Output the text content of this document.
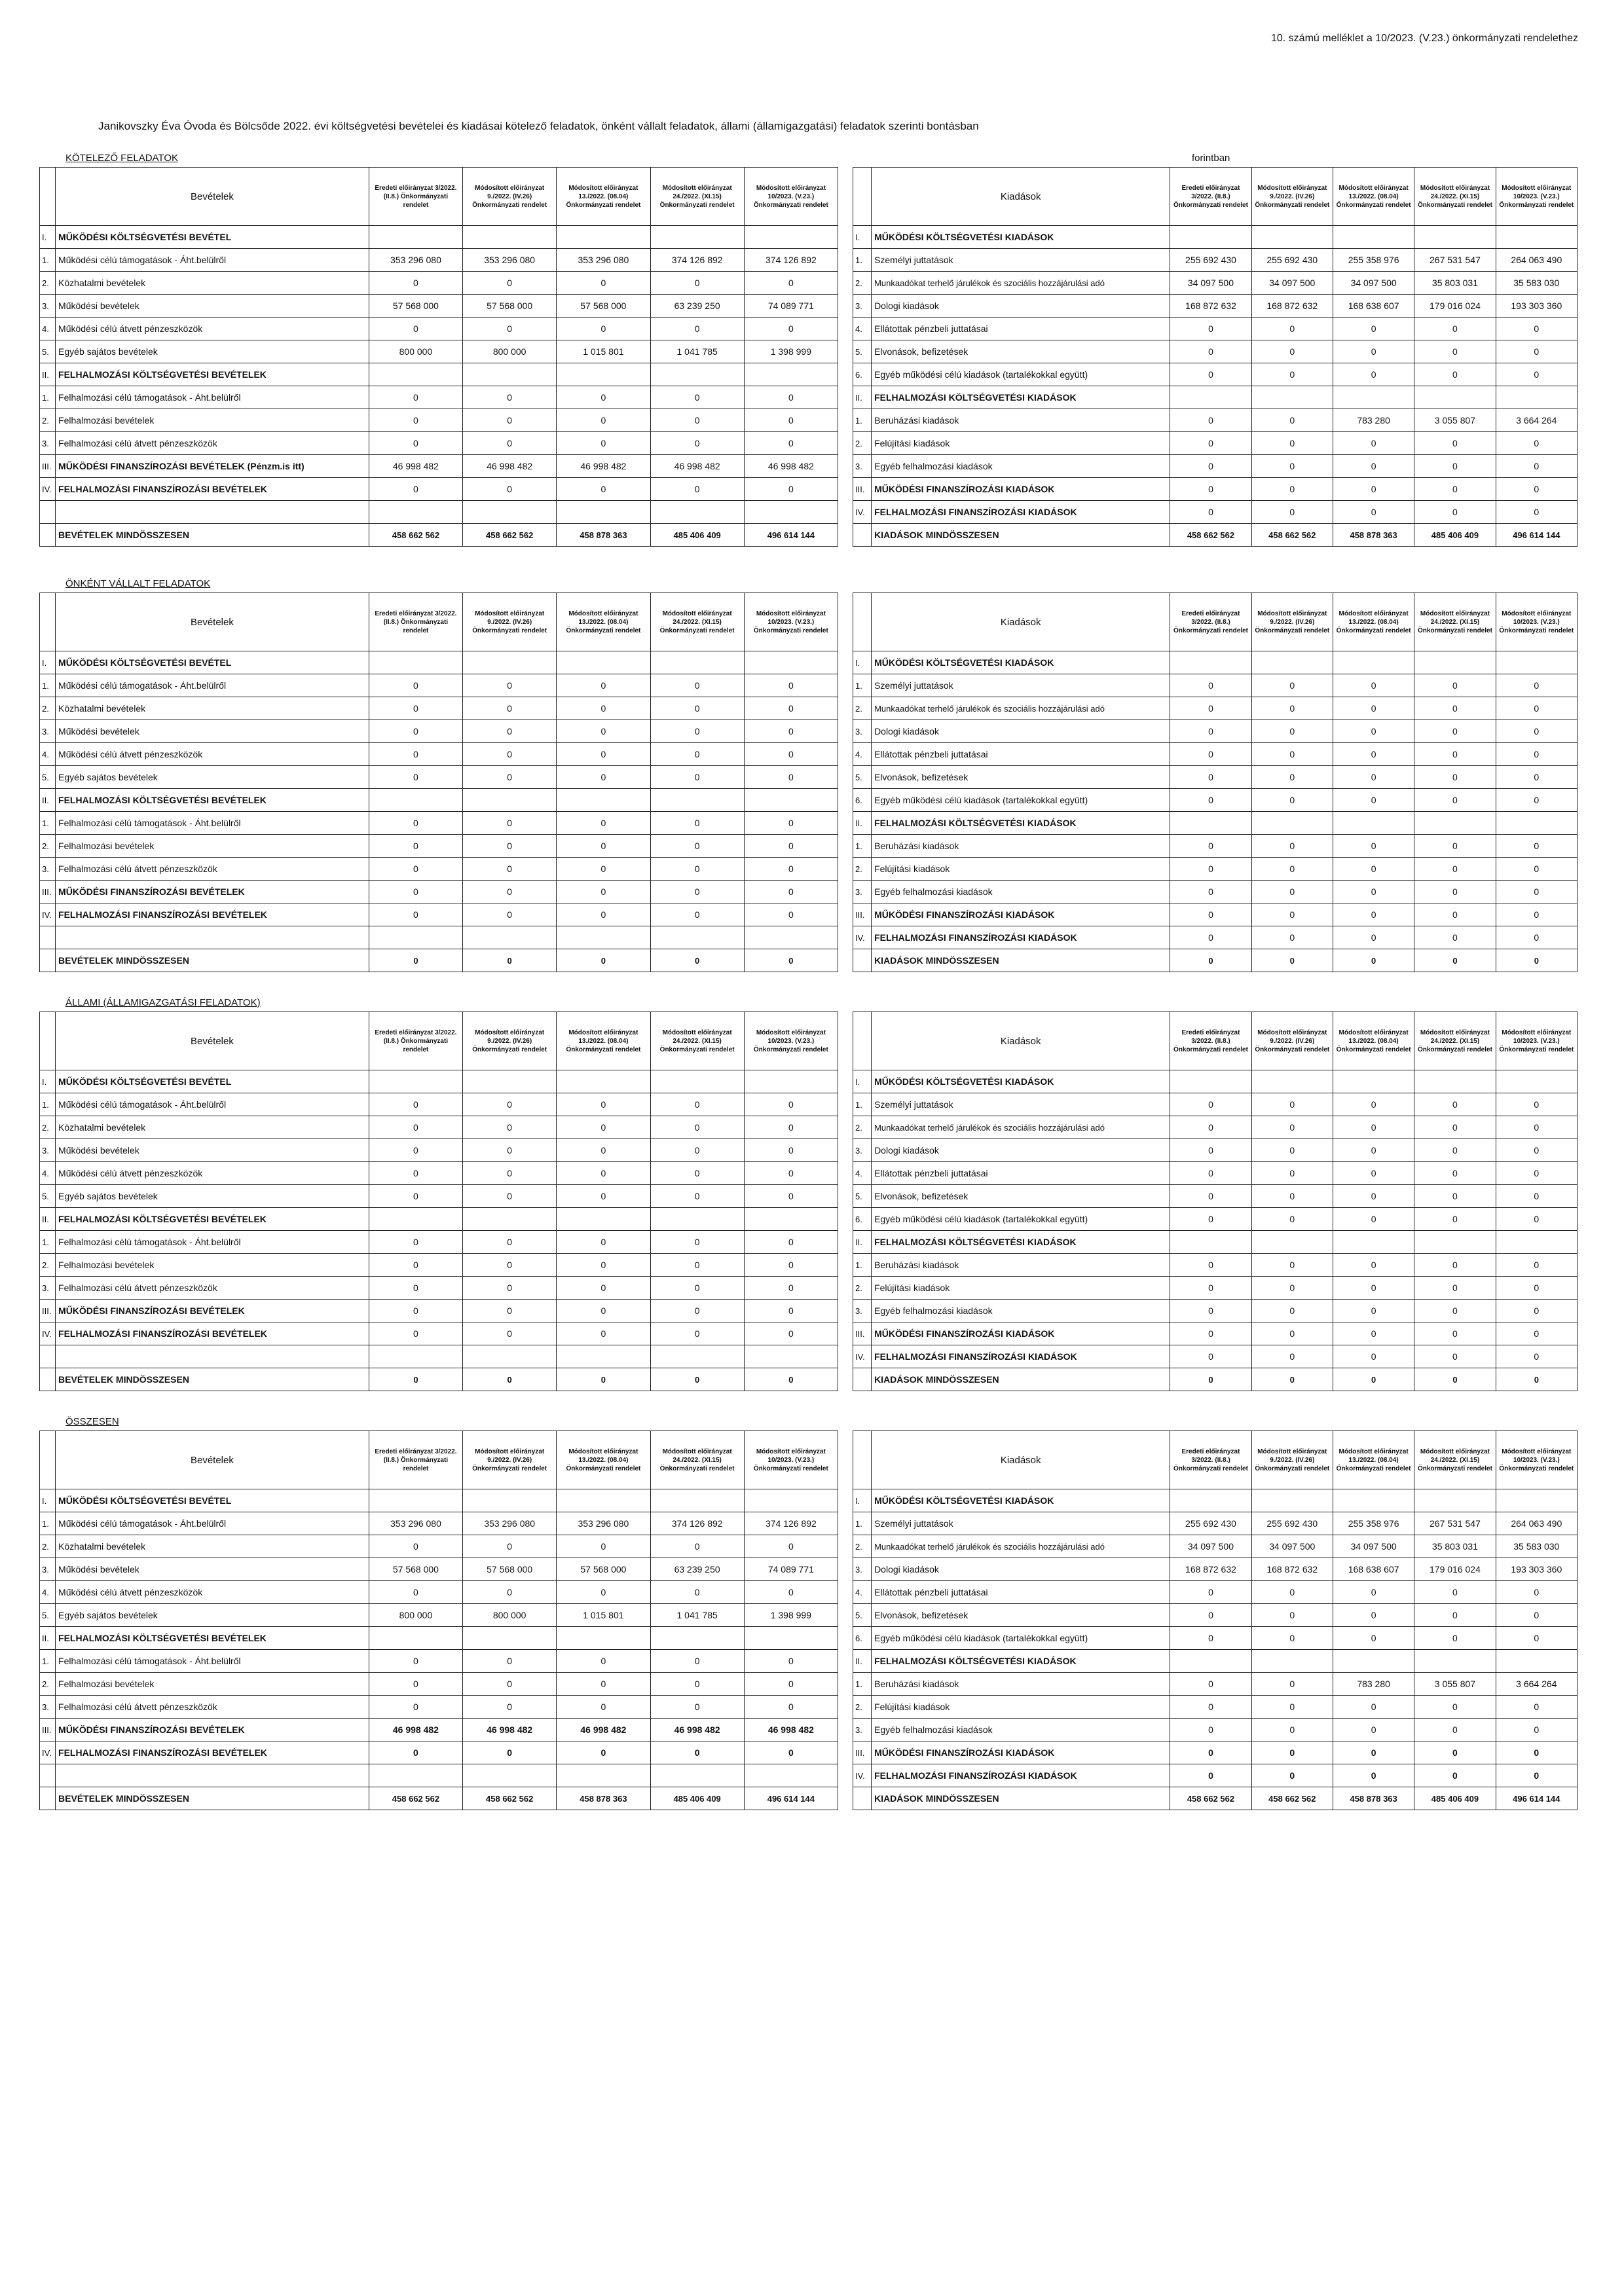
10. számú melléklet a 10/2023. (V.23.) önkormányzati rendelethez
Janikovszky Éva Óvoda és Bölcsőde 2022. évi költségvetési bevételei és kiadásai kötelező feladatok, önként vállalt feladatok, állami (államigazgatási) feladatok szerinti bontásban
KÖTELEZŐ FELADATOK	forintban
	Bevételek	Eredeti előirányzat 3/2022. (II.8.) Önkormányzati rendelet	Módosított előirányzat 9./2022. (IV.26) Önkormányzati rendelet	Módosított előirányzat 13./2022. (08.04) Önkormányzati rendelet	Módosított előirányzat 24./2022. (XI.15) Önkormányzati rendelet	Módosított előirányzat 10/2023. (V.23.) Önkormányzati rendelet
I.	MŰKÖDÉSI KÖLTSÉGVETÉSI BEVÉTEL					
1.	Működési célú támogatások - Áht.belülről	353 296 080	353 296 080	353 296 080	374 126 892	374 126 892
2.	Közhatalmi bevételek	0	0	0	0	0
3.	Működési bevételek	57 568 000	57 568 000	57 568 000	63 239 250	74 089 771
4.	Működési célú átvett pénzeszközök	0	0	0	0	0
5.	Egyéb sajátos bevételek	800 000	800 000	1 015 801	1 041 785	1 398 999
II.	FELHALMOZÁSI KÖLTSÉGVETÉSI BEVÉTELEK					
1.	Felhalmozási célú támogatások - Áht.belülről	0	0	0	0	0
2.	Felhalmozási bevételek	0	0	0	0	0
3.	Felhalmozási célú átvett pénzeszközök	0	0	0	0	0
III.	MŰKÖDÉSI FINANSZÍROZÁSI BEVÉTELEK (Pénzm.is itt)	46 998 482	46 998 482	46 998 482	46 998 482	46 998 482
IV.	FELHALMOZÁSI FINANSZÍROZÁSI BEVÉTELEK	0	0	0	0	0

	BEVÉTELEK MINDÖSSZESEN	458 662 562	458 662 562	458 878 363	485 406 409	496 614 144
	Kiadások	Eredeti előirányzat 3/2022. (II.8.) Önkormányzati rendelet	Módosított előirányzat 9./2022. (IV.26) Önkormányzati rendelet	Módosított előirányzat 13./2022. (08.04) Önkormányzati rendelet	Módosított előirányzat 24./2022. (XI.15) Önkormányzati rendelet	Módosított előirányzat 10/2023. (V.23.) Önkormányzati rendelet
I.	MŰKÖDÉSI KÖLTSÉGVETÉSI KIADÁSOK					
1.	Személyi juttatások	255 692 430	255 692 430	255 358 976	267 531 547	264 063 490
2.	Munkaadókat terhelő járulékok és szociális hozzájárulási adó	34 097 500	34 097 500	34 097 500	35 803 031	35 583 030
3.	Dologi kiadások	168 872 632	168 872 632	168 638 607	179 016 024	193 303 360
4.	Ellátottak pénzbeli juttatásai	0	0	0	0	0
5.	Elvonások, befizetések	0	0	0	0	0
6.	Egyéb működési célú kiadások (tartalékokkal együtt)	0	0	0	0	0
II.	FELHALMOZÁSI KÖLTSÉGVETÉSI KIADÁSOK					
1.	Beruházási kiadások	0	0	783 280	3 055 807	3 664 264
2.	Felújítási kiadások	0	0	0	0	0
3.	Egyéb felhalmozási kiadások	0	0	0	0	0
III.	MŰKÖDÉSI FINANSZÍROZÁSI KIADÁSOK	0	0	0	0	0
IV.	FELHALMOZÁSI FINANSZÍROZÁSI KIADÁSOK	0	0	0	0	0
	KIADÁSOK MINDÖSSZESEN	458 662 562	458 662 562	458 878 363	485 406 409	496 614 144
ÖNKÉNT VÁLLALT FELADATOK
	Bevételek	Eredeti előirányzat 3/2022. (II.8.) Önkormányzati rendelet	Módosított előirányzat 9./2022. (IV.26) Önkormányzati rendelet	Módosított előirányzat 13./2022. (08.04) Önkormányzati rendelet	Módosított előirányzat 24./2022. (XI.15) Önkormányzati rendelet	Módosított előirányzat 10/2023. (V.23.) Önkormányzati rendelet
I.	MŰKÖDÉSI KÖLTSÉGVETÉSI BEVÉTEL					
1.	Működési célú támogatások - Áht.belülről	0	0	0	0	0
2.	Közhatalmi bevételek	0	0	0	0	0
3.	Működési bevételek	0	0	0	0	0
4.	Működési célú átvett pénzeszközök	0	0	0	0	0
5.	Egyéb sajátos bevételek	0	0	0	0	0
II.	FELHALMOZÁSI KÖLTSÉGVETÉSI BEVÉTELEK					
1.	Felhalmozási célú támogatások - Áht.belülről	0	0	0	0	0
2.	Felhalmozási bevételek	0	0	0	0	0
3.	Felhalmozási célú átvett pénzeszközök	0	0	0	0	0
III.	MŰKÖDÉSI FINANSZÍROZÁSI BEVÉTELEK	0	0	0	0	0
IV.	FELHALMOZÁSI FINANSZÍROZÁSI BEVÉTELEK	0	0	0	0	0

	BEVÉTELEK MINDÖSSZESEN	0	0	0	0	0
	Kiadások	Eredeti előirányzat 3/2022. (II.8.) Önkormányzati rendelet	Módosított előirányzat 9./2022. (IV.26) Önkormányzati rendelet	Módosított előirányzat 13./2022. (08.04) Önkormányzati rendelet	Módosított előirányzat 24./2022. (XI.15) Önkormányzati rendelet	Módosított előirányzat 10/2023. (V.23.) Önkormányzati rendelet
I.	MŰKÖDÉSI KÖLTSÉGVETÉSI KIADÁSOK					
1.	Személyi juttatások	0	0	0	0	0
2.	Munkaadókat terhelő járulékok és szociális hozzájárulási adó	0	0	0	0	0
3.	Dologi kiadások	0	0	0	0	0
4.	Ellátottak pénzbeli juttatásai	0	0	0	0	0
5.	Elvonások, befizetések	0	0	0	0	0
6.	Egyéb működési célú kiadások (tartalékokkal együtt)	0	0	0	0	0
II.	FELHALMOZÁSI KÖLTSÉGVETÉSI KIADÁSOK					
1.	Beruházási kiadások	0	0	0	0	0
2.	Felújítási kiadások	0	0	0	0	0
3.	Egyéb felhalmozási kiadások	0	0	0	0	0
III.	MŰKÖDÉSI FINANSZÍROZÁSI KIADÁSOK	0	0	0	0	0
IV.	FELHALMOZÁSI FINANSZÍROZÁSI KIADÁSOK	0	0	0	0	0
	KIADÁSOK MINDÖSSZESEN	0	0	0	0	0
ÁLLAMI (ÁLLAMIGAZGATÁSI FELADATOK)
	Bevételek	Eredeti előirányzat 3/2022. (II.8.) Önkormányzati rendelet	Módosított előirányzat 9./2022. (IV.26) Önkormányzati rendelet	Módosított előirányzat 13./2022. (08.04) Önkormányzati rendelet	Módosított előirányzat 24./2022. (XI.15) Önkormányzati rendelet	Módosított előirányzat 10/2023. (V.23.) Önkormányzati rendelet
I.	MŰKÖDÉSI KÖLTSÉGVETÉSI BEVÉTEL					
1.	Működési célú támogatások - Áht.belülről	0	0	0	0	0
2.	Közhatalmi bevételek	0	0	0	0	0
3.	Működési bevételek	0	0	0	0	0
4.	Működési célú átvett pénzeszközök	0	0	0	0	0
5.	Egyéb sajátos bevételek	0	0	0	0	0
II.	FELHALMOZÁSI KÖLTSÉGVETÉSI BEVÉTELEK					
1.	Felhalmozási célú támogatások - Áht.belülről	0	0	0	0	0
2.	Felhalmozási bevételek	0	0	0	0	0
3.	Felhalmozási célú átvett pénzeszközök	0	0	0	0	0
III.	MŰKÖDÉSI FINANSZÍROZÁSI BEVÉTELEK	0	0	0	0	0
IV.	FELHALMOZÁSI FINANSZÍROZÁSI BEVÉTELEK	0	0	0	0	0

	BEVÉTELEK MINDÖSSZESEN	0	0	0	0	0
	Kiadások	Eredeti előirányzat 3/2022. (II.8.) Önkormányzati rendelet	Módosított előirányzat 9./2022. (IV.26) Önkormányzati rendelet	Módosított előirányzat 13./2022. (08.04) Önkormányzati rendelet	Módosított előirányzat 24./2022. (XI.15) Önkormányzati rendelet	Módosított előirányzat 10/2023. (V.23.) Önkormányzati rendelet
I.	MŰKÖDÉSI KÖLTSÉGVETÉSI KIADÁSOK					
1.	Személyi juttatások	0	0	0	0	0
2.	Munkaadókat terhelő járulékok és szociális hozzájárulási adó	0	0	0	0	0
3.	Dologi kiadások	0	0	0	0	0
4.	Ellátottak pénzbeli juttatásai	0	0	0	0	0
5.	Elvonások, befizetések	0	0	0	0	0
6.	Egyéb működési célú kiadások (tartalékokkal együtt)	0	0	0	0	0
II.	FELHALMOZÁSI KÖLTSÉGVETÉSI KIADÁSOK					
1.	Beruházási kiadások	0	0	0	0	0
2.	Felújítási kiadások	0	0	0	0	0
3.	Egyéb felhalmozási kiadások	0	0	0	0	0
III.	MŰKÖDÉSI FINANSZÍROZÁSI KIADÁSOK	0	0	0	0	0
IV.	FELHALMOZÁSI FINANSZÍROZÁSI KIADÁSOK	0	0	0	0	0
	KIADÁSOK MINDÖSSZESEN	0	0	0	0	0
ÖSSZESEN
	Bevételek	Eredeti előirányzat 3/2022. (II.8.) Önkormányzati rendelet	Módosított előirányzat 9./2022. (IV.26) Önkormányzati rendelet	Módosított előirányzat 13./2022. (08.04) Önkormányzati rendelet	Módosított előirányzat 24./2022. (XI.15) Önkormányzati rendelet	Módosított előirányzat 10/2023. (V.23.) Önkormányzati rendelet
I.	MŰKÖDÉSI KÖLTSÉGVETÉSI BEVÉTEL					
1.	Működési célú támogatások - Áht.belülről	353 296 080	353 296 080	353 296 080	374 126 892	374 126 892
2.	Közhatalmi bevételek	0	0	0	0	0
3.	Működési bevételek	57 568 000	57 568 000	57 568 000	63 239 250	74 089 771
4.	Működési célú átvett pénzeszközök	0	0	0	0	0
5.	Egyéb sajátos bevételek	800 000	800 000	1 015 801	1 041 785	1 398 999
II.	FELHALMOZÁSI KÖLTSÉGVETÉSI BEVÉTELEK					
1.	Felhalmozási célú támogatások - Áht.belülről	0	0	0	0	0
2.	Felhalmozási bevételek	0	0	0	0	0
3.	Felhalmozási célú átvett pénzeszközök	0	0	0	0	0
III.	MŰKÖDÉSI FINANSZÍROZÁSI BEVÉTELEK	46 998 482	46 998 482	46 998 482	46 998 482	46 998 482
IV.	FELHALMOZÁSI FINANSZÍROZÁSI BEVÉTELEK	0	0	0	0	0

	BEVÉTELEK MINDÖSSZESEN	458 662 562	458 662 562	458 878 363	485 406 409	496 614 144
	Kiadások	Eredeti előirányzat 3/2022. (II.8.) Önkormányzati rendelet	Módosított előirányzat 9./2022. (IV.26) Önkormányzati rendelet	Módosított előirányzat 13./2022. (08.04) Önkormányzati rendelet	Módosított előirányzat 24./2022. (XI.15) Önkormányzati rendelet	Módosított előirányzat 10/2023. (V.23.) Önkormányzati rendelet
I.	MŰKÖDÉSI KÖLTSÉGVETÉSI KIADÁSOK					
1.	Személyi juttatások	255 692 430	255 692 430	255 358 976	267 531 547	264 063 490
2.	Munkaadókat terhelő járulékok és szociális hozzájárulási adó	34 097 500	34 097 500	34 097 500	35 803 031	35 583 030
3.	Dologi kiadások	168 872 632	168 872 632	168 638 607	179 016 024	193 303 360
4.	Ellátottak pénzbeli juttatásai	0	0	0	0	0
5.	Elvonások, befizetések	0	0	0	0	0
6.	Egyéb működési célú kiadások (tartalékokkal együtt)	0	0	0	0	0
II.	FELHALMOZÁSI KÖLTSÉGVETÉSI KIADÁSOK					
1.	Beruházási kiadások	0	0	783 280	3 055 807	3 664 264
2.	Felújítási kiadások	0	0	0	0	0
3.	Egyéb felhalmozási kiadások	0	0	0	0	0
III.	MŰKÖDÉSI FINANSZÍROZÁSI KIADÁSOK	0	0	0	0	0
IV.	FELHALMOZÁSI FINANSZÍROZÁSI KIADÁSOK	0	0	0	0	0
	KIADÁSOK MINDÖSSZESEN	458 662 562	458 662 562	458 878 363	485 406 409	496 614 144
